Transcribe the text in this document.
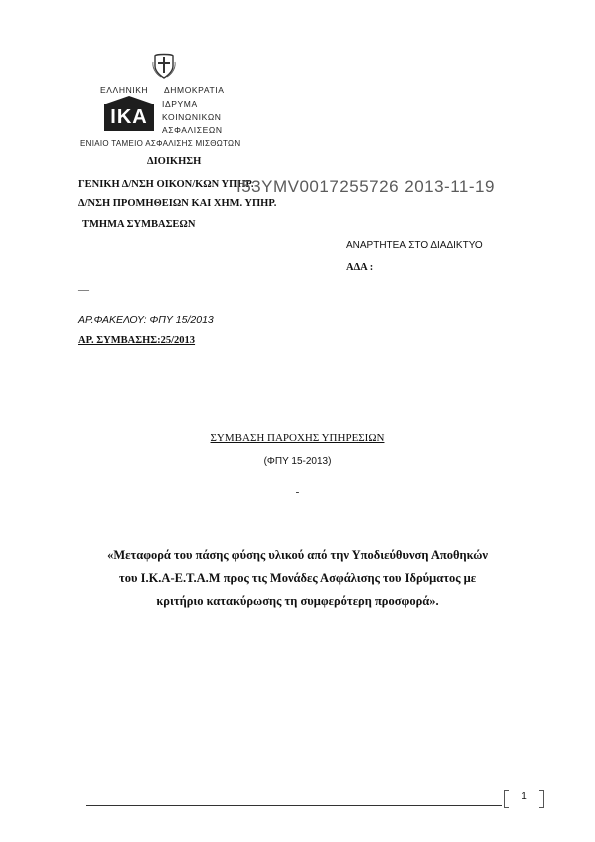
ΕΛΛΗΝΙΚΗ ΔΗΜΟΚΡΑΤΙΑ
ΙΚΑ
ΙΔΡΥΜΑ
ΚΟΙΝΩΝΙΚΩΝ
ΑΣΦΑΛΙΣΕΩΝ
ΕΝΙΑΙΟ ΤΑΜΕΙΟ ΑΣΦΑΛΙΣΗΣ ΜΙΣΘΩΤΩΝ
ΔΙΟΙΚΗΣΗ
ΓΕΝΙΚΗ Δ/ΝΣΗ ΟΙΚΟΝ/ΚΩΝ ΥΠΗΡ.
Ι53ΥΜV0017255726 2013-11-19
Δ/ΝΣΗ ΠΡΟΜΗΘΕΙΩΝ ΚΑΙ ΧΗΜ. ΥΠΗΡ.
ΤΜΗΜΑ ΣΥΜΒΑΣΕΩΝ
ΑΝΑΡΤΗΤΕΑ ΣΤΟ ΔΙΑΔΙΚΤΥΟ
ΑΔΑ :
—
ΑΡ.ΦΑΚΕΛΟΥ: ΦΠΥ 15/2013
ΑΡ. ΣΥΜΒΑΣΗΣ:25/2013
ΣΥΜΒΑΣΗ ΠΑΡΟΧΗΣ ΥΠΗΡΕΣΙΩΝ
(ΦΠΥ 15-2013)
-
«Μεταφορά του πάσης φύσης υλικού από την Υποδιεύθυνση Αποθηκών
του Ι.Κ.Α-Ε.Τ.Α.Μ προς τις Μονάδες Ασφάλισης του Ιδρύματος με
κριτήριο κατακύρωσης τη συμφερότερη προσφορά».
1
